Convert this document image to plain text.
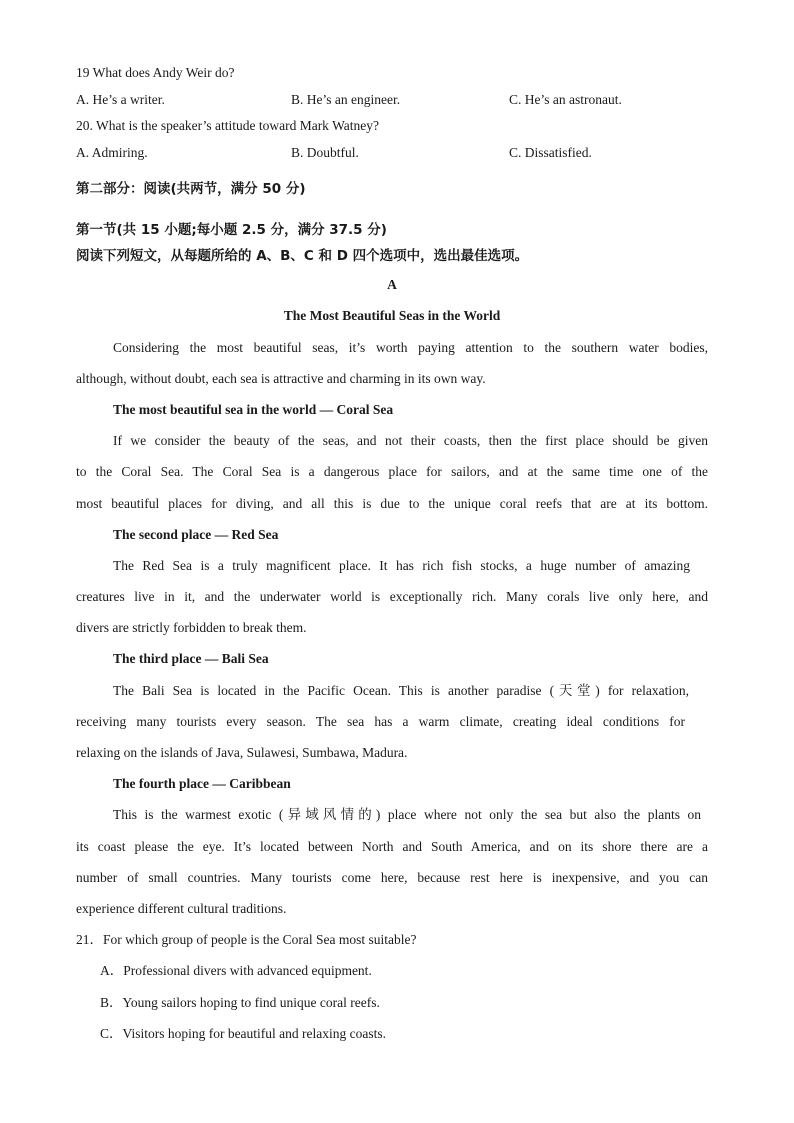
19 What does Andy Weir do?
A. He’s a writer.	B. He’s an engineer.	C. He’s an astronaut.
20. What is the speaker’s attitude toward Mark Watney?
A. Admiring.	B. Doubtful.	C. Dissatisfied.
第二部分：阅读(共两节，满分 50 分)
第一节(共 15 小题;每小题 2.5 分，满分 37.5 分)
阅读下列短文，从每题所给的 A、B、C 和 D 四个选项中，选出最佳选项。
A
The Most Beautiful Seas in the World
Considering the most beautiful seas, it’s worth paying attention to the southern water bodies,
although, without doubt, each sea is attractive and charming in its own way.
The most beautiful sea in the world — Coral Sea
If we consider the beauty of the seas, and not their coasts, then the first place should be given
to the Coral Sea. The Coral Sea is a dangerous place for sailors, and at the same time one of the
most beautiful places for diving, and all this is due to the unique coral reefs that are at its bottom.
The second place — Red Sea
The Red Sea is a truly magnificent place. It has rich fish stocks, a huge number of amazing
creatures live in it, and the underwater world is exceptionally rich. Many corals live only here, and
divers are strictly forbidden to break them.
The third place — Bali Sea
The Bali Sea is located in the Pacific Ocean. This is another paradise (天堂) for relaxation,
receiving many tourists every season. The sea has a warm climate, creating ideal conditions for
relaxing on the islands of Java, Sulawesi, Sumbawa, Madura.
The fourth place — Caribbean
This is the warmest exotic (异域风情的) place where not only the sea but also the plants on
its coast please the eye. It’s located between North and South America, and on its shore there are a
number of small countries. Many tourists come here, because rest here is inexpensive, and you can
experience different cultural traditions.
21．For which group of people is the Coral Sea most suitable?
A．Professional divers with advanced equipment.
B．Young sailors hoping to find unique coral reefs.
C．Visitors hoping for beautiful and relaxing coasts.
